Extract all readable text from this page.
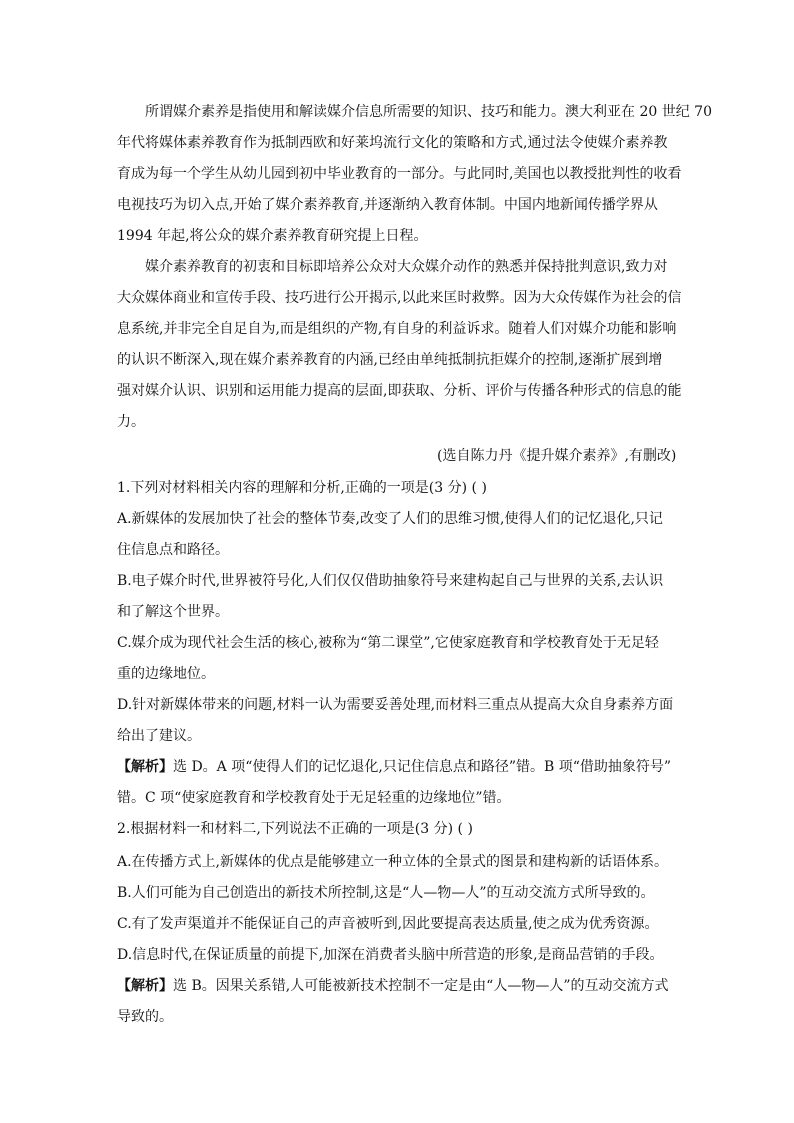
所谓媒介素养是指使用和解读媒介信息所需要的知识、技巧和能力。澳大利亚在 20 世纪 70
年代将媒体素养教育作为抵制西欧和好莱坞流行文化的策略和方式,通过法令使媒介素养教
育成为每一个学生从幼儿园到初中毕业教育的一部分。与此同时,美国也以教授批判性的收看
电视技巧为切入点,开始了媒介素养教育,并逐渐纳入教育体制。中国内地新闻传播学界从
1994 年起,将公众的媒介素养教育研究提上日程。
媒介素养教育的初衷和目标即培养公众对大众媒介动作的熟悉并保持批判意识,致力对
大众媒体商业和宣传手段、技巧进行公开揭示,以此来匡时救弊。因为大众传媒作为社会的信
息系统,并非完全自足自为,而是组织的产物,有自身的利益诉求。随着人们对媒介功能和影响
的认识不断深入,现在媒介素养教育的内涵,已经由单纯抵制抗拒媒介的控制,逐渐扩展到增
强对媒介认识、识别和运用能力提高的层面,即获取、分析、评价与传播各种形式的信息的能
力。
(选自陈力丹《提升媒介素养》,有删改)
1.下列对材料相关内容的理解和分析,正确的一项是(3 分) ( )
A.新媒体的发展加快了社会的整体节奏,改变了人们的思维习惯,使得人们的记忆退化,只记
住信息点和路径。
B.电子媒介时代,世界被符号化,人们仅仅借助抽象符号来建构起自己与世界的关系,去认识
和了解这个世界。
C.媒介成为现代社会生活的核心,被称为“第二课堂”,它使家庭教育和学校教育处于无足轻
重的边缘地位。
D.针对新媒体带来的问题,材料一认为需要妥善处理,而材料三重点从提高大众自身素养方面
给出了建议。
【解析】选 D。A 项“使得人们的记忆退化,只记住信息点和路径”错。B 项“借助抽象符号”
错。C 项“使家庭教育和学校教育处于无足轻重的边缘地位”错。
2.根据材料一和材料二,下列说法不正确的一项是(3 分) ( )
A.在传播方式上,新媒体的优点是能够建立一种立体的全景式的图景和建构新的话语体系。
B.人们可能为自己创造出的新技术所控制,这是“人—物—人”的互动交流方式所导致的。
C.有了发声渠道并不能保证自己的声音被听到,因此要提高表达质量,使之成为优秀资源。
D.信息时代,在保证质量的前提下,加深在消费者头脑中所营造的形象,是商品营销的手段。
【解析】选 B。因果关系错,人可能被新技术控制不一定是由“人—物—人”的互动交流方式
导致的。
